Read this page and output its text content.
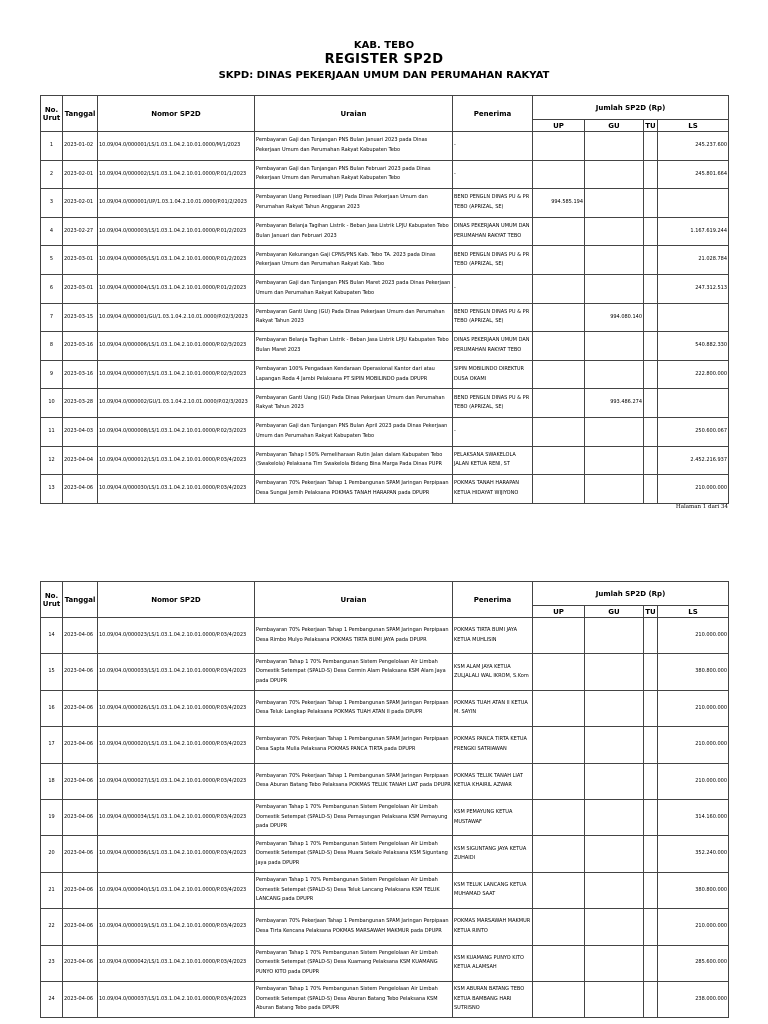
KAB. TEBO
REGISTER SP2D
SKPD: DINAS PEKERJAAN UMUM DAN PERUMAHAN RAKYAT
No. Urut	Tanggal	Nomor SP2D	Uraian	Penerima	Jumlah SP2D (Rp)			
					UP	GU	TU	LS
1	2023-01-02	10.09/04.0/000001/LS/1.03.1.04.2.10.01.0000/M/1/2023	Pembayaran Gaji dan Tunjangan PNS Bulan Januari 2023 pada Dinas Pekerjaan Umum dan Perumahan Rakyat Kabupaten Tebo	-				245.237.600
2	2023-02-01	10.09/04.0/000002/LS/1.03.1.04.2.10.01.0000/P.01/1/2023	Pembayaran Gaji dan Tunjangan PNS Bulan Februari 2023 pada Dinas Pekerjaan Umum dan Perumahan Rakyat Kabupaten Tebo	-				245.801.664
3	2023-02-01	10.09/04.0/000001/UP/1.03.1.04.2.10.01.0000/P.01/2/2023	Pembayaran Uang Persediaan (UP) Pada Dinas Pekerjaan Umum dan Perumahan Rakyat Tahun Anggaran 2023	BEND PENGLN DINAS PU & PR TEBO (APRIZAL, SE)	994.585.194			
4	2023-02-27	10.09/04.0/000003/LS/1.03.1.04.2.10.01.0000/P.01/2/2023	Pembayaran Belanja Tagihan Listrik - Beban Jasa Listrik LPJU Kabupaten Tebo Bulan Januari dan Februari 2023	DINAS PEKERJAAN UMUM DAN PERUMAHAN RAKYAT TEBO				1.167.619.244
5	2023-03-01	10.09/04.0/000005/LS/1.03.1.04.2.10.01.0000/P.01/2/2023	Pembayaran Kekurangan Gaji CPNS/PNS Kab. Tebo TA. 2023 pada Dinas Pekerjaan Umum dan Perumahan Rakyat Kab. Tebo	BEND PENGLN DINAS PU & PR TEBO (APRIZAL, SE)				21.028.784
6	2023-03-01	10.09/04.0/000004/LS/1.03.1.04.2.10.01.0000/P.01/2/2023	Pembayaran Gaji dan Tunjangan PNS Bulan Maret 2023 pada Dinas Pekerjaan Umum dan Perumahan Rakyat Kabupaten Tebo	-				247.312.513
7	2023-03-15	10.09/04.0/000001/GU/1.03.1.04.2.10.01.0000/P.02/3/2023	Pembayaran Ganti Uang (GU) Pada Dinas Pekerjaan Umum dan Perumahan Rakyat Tahun 2023	BEND PENGLN DINAS PU & PR TEBO (APRIZAL, SE)		994.080.140		
8	2023-03-16	10.09/04.0/000006/LS/1.03.1.04.2.10.01.0000/P.02/3/2023	Pembayaran Belanja Tagihan Listrik - Beban Jasa Listrik LPJU Kabupaten Tebo Bulan Maret 2023	DINAS PEKERJAAN UMUM DAN PERUMAHAN RAKYAT TEBO				540.882.330
9	2023-03-16	10.09/04.0/000007/LS/1.03.1.04.2.10.01.0000/P.02/3/2023	Pembayaran 100% Pengadaan Kendaraan Operasional Kantor dari atau Lapangan Roda 4 Jambi Pelaksana PT SIPIN MOBILINDO pada DPUPR	SIPIN MOBILINDO DIREKTUR DUSA OKAMI				222.800.000
10	2023-03-28	10.09/04.0/000002/GU/1.03.1.04.2.10.01.0000/P.02/3/2023	Pembayaran Ganti Uang (GU) Pada Dinas Pekerjaan Umum dan Perumahan Rakyat Tahun 2023	BEND PENGLN DINAS PU & PR TEBO (APRIZAL, SE)		993.486.274		
11	2023-04-03	10.09/04.0/000008/LS/1.03.1.04.2.10.01.0000/P.02/3/2023	Pembayaran Gaji dan Tunjangan PNS Bulan April 2023 pada Dinas Pekerjaan Umum dan Perumahan Rakyat Kabupaten Tebo	-				250.600.067
12	2023-04-04	10.09/04.0/000012/LS/1.03.1.04.2.10.01.0000/P.03/4/2023	Pembayaran Tahap I 50% Pemeliharaan Rutin Jalan dalam Kabupaten Tebo (Swakelola) Pelaksana Tim Swakelola Bidang Bina Marga Pada Dinas PUPR	PELAKSANA SWAKELOLA JALAN KETUA RENI, ST				2.452.216.937
13	2023-04-06	10.09/04.0/000030/LS/1.03.1.04.2.10.01.0000/P.03/4/2023	Pembayaran 70% Pekerjaan Tahap 1 Pembangunan SPAM Jaringan Perpipaan Desa Sungai Jernih Pelaksana POKMAS TANAH HARAPAN pada DPUPR	POKMAS TANAH HARAPAN KETUA HIDAYAT WIJIYONO				210.000.000
Halaman 1 dari 34
No. Urut	Tanggal	Nomor SP2D	Uraian	Penerima	Jumlah SP2D (Rp)			
					UP	GU	TU	LS
14	2023-04-06	10.09/04.0/000023/LS/1.03.1.04.2.10.01.0000/P.03/4/2023	Pembayaran 70% Pekerjaan Tahap 1 Pembangunan SPAM Jaringan Perpipaan Desa Rimbo Mulyo Pelaksana POKMAS TIRTA BUMI JAYA pada DPUPR	POKMAS TIRTA BUMI JAYA KETUA MUHLISIN				210.000.000
15	2023-04-06	10.09/04.0/000033/LS/1.03.1.04.2.10.01.0000/P.03/4/2023	Pembayaran Tahap 1 70% Pembangunan Sistem Pengelolaan Air Limbah Domestik Setempat (SPALD-S) Desa Cermin Alam Pelaksana KSM Alam Jaya pada DPUPR	KSM ALAM JAYA KETUA ZULJALALI WAL IKROM, S.Kom				380.800.000
16	2023-04-06	10.09/04.0/000026/LS/1.03.1.04.2.10.01.0000/P.03/4/2023	Pembayaran 70% Pekerjaan Tahap 1 Pembangunan SPAM Jaringan Perpipaan Desa Teluk Langkap Pelaksana POKMAS TUAH ATAN II pada DPUPR	POKMAS TUAH ATAN II KETUA M. SAYIN				210.000.000
17	2023-04-06	10.09/04.0/000020/LS/1.03.1.04.2.10.01.0000/P.03/4/2023	Pembayaran 70% Pekerjaan Tahap 1 Pembangunan SPAM Jaringan Perpipaan Desa Sapta Mulia Pelaksana POKMAS PANCA TIRTA pada DPUPR	POKMAS PANCA TIRTA KETUA FRENGKI SATRIAWAN				210.000.000
18	2023-04-06	10.09/04.0/000027/LS/1.03.1.04.2.10.01.0000/P.03/4/2023	Pembayaran 70% Pekerjaan Tahap 1 Pembangunan SPAM Jaringan Perpipaan Desa Aburan Batang Tebo Pelaksana POKMAS TELUK TANAH LIAT pada DPUPR	POKMAS TELUK TANAH LIAT KETUA KHAIRIL AZWAR				210.000.000
19	2023-04-06	10.09/04.0/000034/LS/1.03.1.04.2.10.01.0000/P.03/4/2023	Pembayaran Tahap 1 70% Pembangunan Sistem Pengelolaan Air Limbah Domestik Setempat (SPALD-S) Desa Pemayungan Pelaksana KSM Pemayung pada DPUPR	KSM PEMAYUNG KETUA MUSTAWAF				314.160.000
20	2023-04-06	10.09/04.0/000036/LS/1.03.1.04.2.10.01.0000/P.03/4/2023	Pembayaran Tahap 1 70% Pembangunan Sistem Pengelolaan Air Limbah Domestik Setempat (SPALD-S) Desa Muara Sekalo Pelaksana KSM Siguntang Jaya pada DPUPR	KSM SIGUNTANG JAYA KETUA ZUHAIDI				352.240.000
21	2023-04-06	10.09/04.0/000040/LS/1.03.1.04.2.10.01.0000/P.03/4/2023	Pembayaran Tahap 1 70% Pembangunan Sistem Pengelolaan Air Limbah Domestik Setempat (SPALD-S) Desa Teluk Lancang Pelaksana KSM TELUK LANCANG pada DPUPR	KSM TELUK LANCANG KETUA MUHAMAD SAAT				380.800.000
22	2023-04-06	10.09/04.0/000019/LS/1.03.1.04.2.10.01.0000/P.03/4/2023	Pembayaran 70% Pekerjaan Tahap 1 Pembangunan SPAM Jaringan Perpipaan Desa Tirta Kencana Pelaksana POKMAS MARSAWAH MAKMUR pada DPUPR	POKMAS MARSAWAH MAKMUR KETUA RINTO				210.000.000
23	2023-04-06	10.09/04.0/000042/LS/1.03.1.04.2.10.01.0000/P.03/4/2023	Pembayaran Tahap 1 70% Pembangunan Sistem Pengelolaan Air Limbah Domestik Setempat (SPALD-S) Desa Kuamang Pelaksana KSM KUAMANG PUNYO KITO pada DPUPR	KSM KUAMANG PUNYO KITO KETUA ALAMSAH				285.600.000
24	2023-04-06	10.09/04.0/000037/LS/1.03.1.04.2.10.01.0000/P.03/4/2023	Pembayaran Tahap 1 70% Pembangunan Sistem Pengelolaan Air Limbah Domestik Setempat (SPALD-S) Desa Aburan Batang Tebo Pelaksana KSM Aburan Batang Tebo pada DPUPR	KSM ABURAN BATANG TEBO KETUA BAMBANG HARI SUTRISNO				238.000.000
